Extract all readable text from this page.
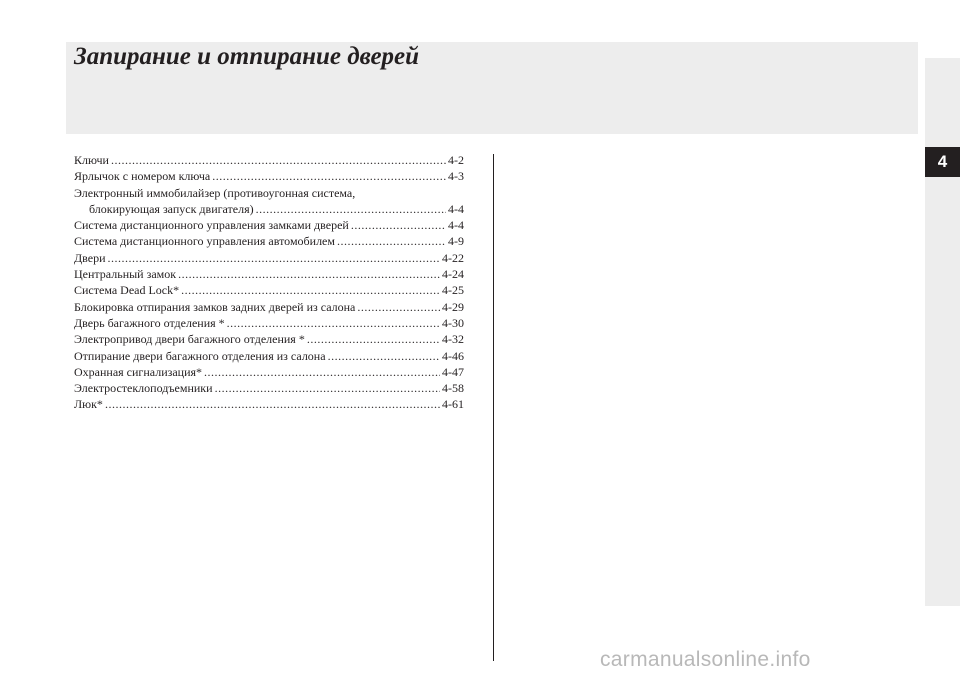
Запирание и отпирание дверей
4
Ключи .....	4-2
Ярлычок с номером ключа .....	4-3
Электронный иммобилайзер (противоугонная система,
блокирующая запуск двигателя) .....	4-4
Система дистанционного управления замками дверей .....	4-4
Система дистанционного управления автомобилем .....	4-9
Двери .....	4-22
Центральный замок .....	4-24
Система Dead Lock* .....	4-25
Блокировка отпирания замков задних дверей из салона .....	4-29
Дверь багажного отделения * .....	4-30
Электропривод двери багажного отделения * .....	4-32
Отпирание двери багажного отделения из салона .....	4-46
Охранная сигнализация* .....	4-47
Электростеклоподъемники .....	4-58
Люк* .....	4-61
carmanualsonline.info
